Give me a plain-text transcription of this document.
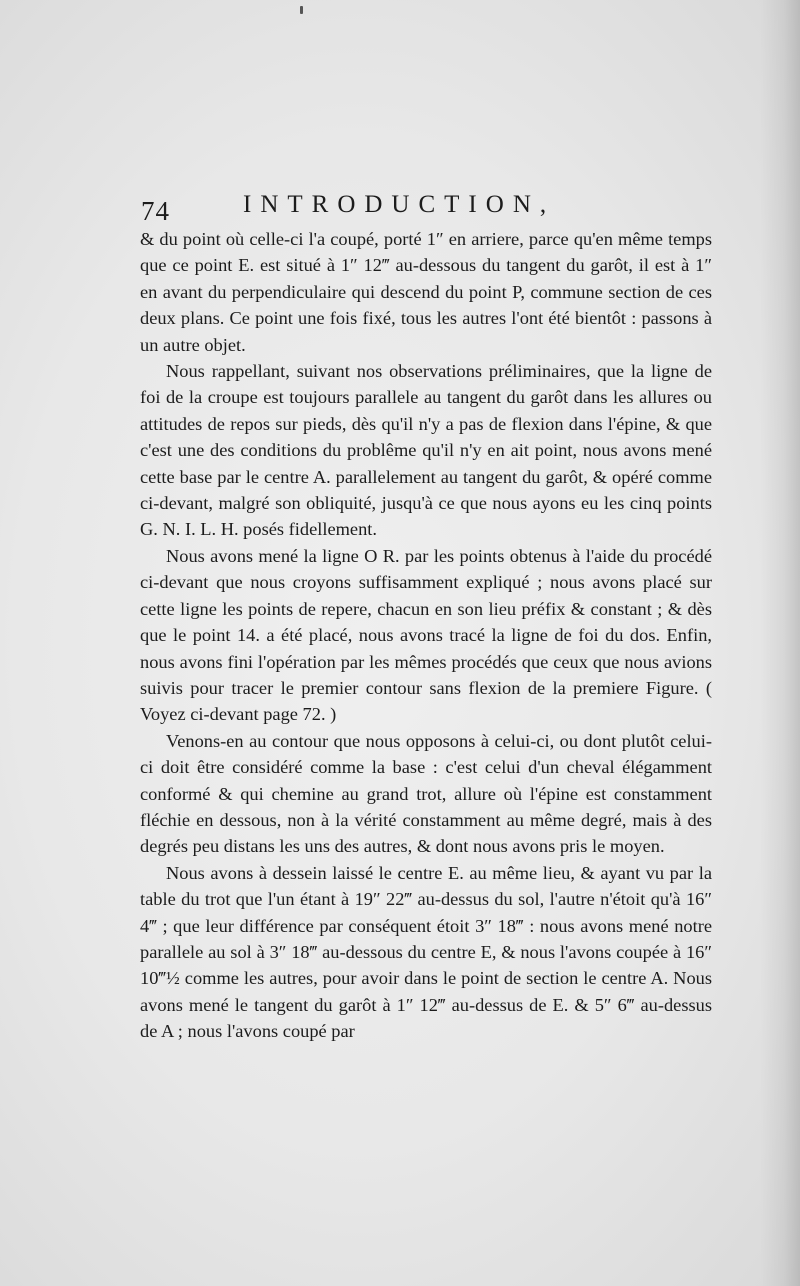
74	INTRODUCTION,

& du point où celle-ci l'a coupé, porté 1″ en arriere, parce qu'en même temps que ce point E. est situé à 1″ 12‴ au-dessous du tangent du garôt, il est à 1″ en avant du perpendiculaire qui descend du point P, commune section de ces deux plans. Ce point une fois fixé, tous les autres l'ont été bientôt : passons à un autre objet.

Nous rappellant, suivant nos observations préliminaires, que la ligne de foi de la croupe est toujours parallele au tangent du garôt dans les allures ou attitudes de repos sur pieds, dès qu'il n'y a pas de flexion dans l'épine, & que c'est une des conditions du problême qu'il n'y en ait point, nous avons mené cette base par le centre A. parallelement au tangent du garôt, & opéré comme ci-devant, malgré son obliquité, jusqu'à ce que nous ayons eu les cinq points G. N. I. L. H. posés fidellement.

Nous avons mené la ligne O R. par les points obtenus à l'aide du procédé ci-devant que nous croyons suffisamment expliqué ; nous avons placé sur cette ligne les points de repere, chacun en son lieu préfix & constant ; & dès que le point 14. a été placé, nous avons tracé la ligne de foi du dos. Enfin, nous avons fini l'opération par les mêmes procédés que ceux que nous avions suivis pour tracer le premier contour sans flexion de la premiere Figure. ( Voyez ci-devant page 72. )

Venons-en au contour que nous opposons à celui-ci, ou dont plutôt celui-ci doit être considéré comme la base : c'est celui d'un cheval élégamment conformé & qui chemine au grand trot, allure où l'épine est constamment fléchie en dessous, non à la vérité constamment au même degré, mais à des degrés peu distans les uns des autres, & dont nous avons pris le moyen.

Nous avons à dessein laissé le centre E. au même lieu, & ayant vu par la table du trot que l'un étant à 19″ 22‴ au-dessus du sol, l'autre n'étoit qu'à 16″ 4‴ ; que leur différence par conséquent étoit 3″ 18‴ : nous avons mené notre parallele au sol à 3″ 18‴ au-dessous du centre E, & nous l'avons coupée à 16″ 10‴½ comme les autres, pour avoir dans le point de section le centre A. Nous avons mené le tangent du garôt à 1″ 12‴ au-dessus de E. & 5″ 6‴ au-dessus de A ; nous l'avons coupé par
